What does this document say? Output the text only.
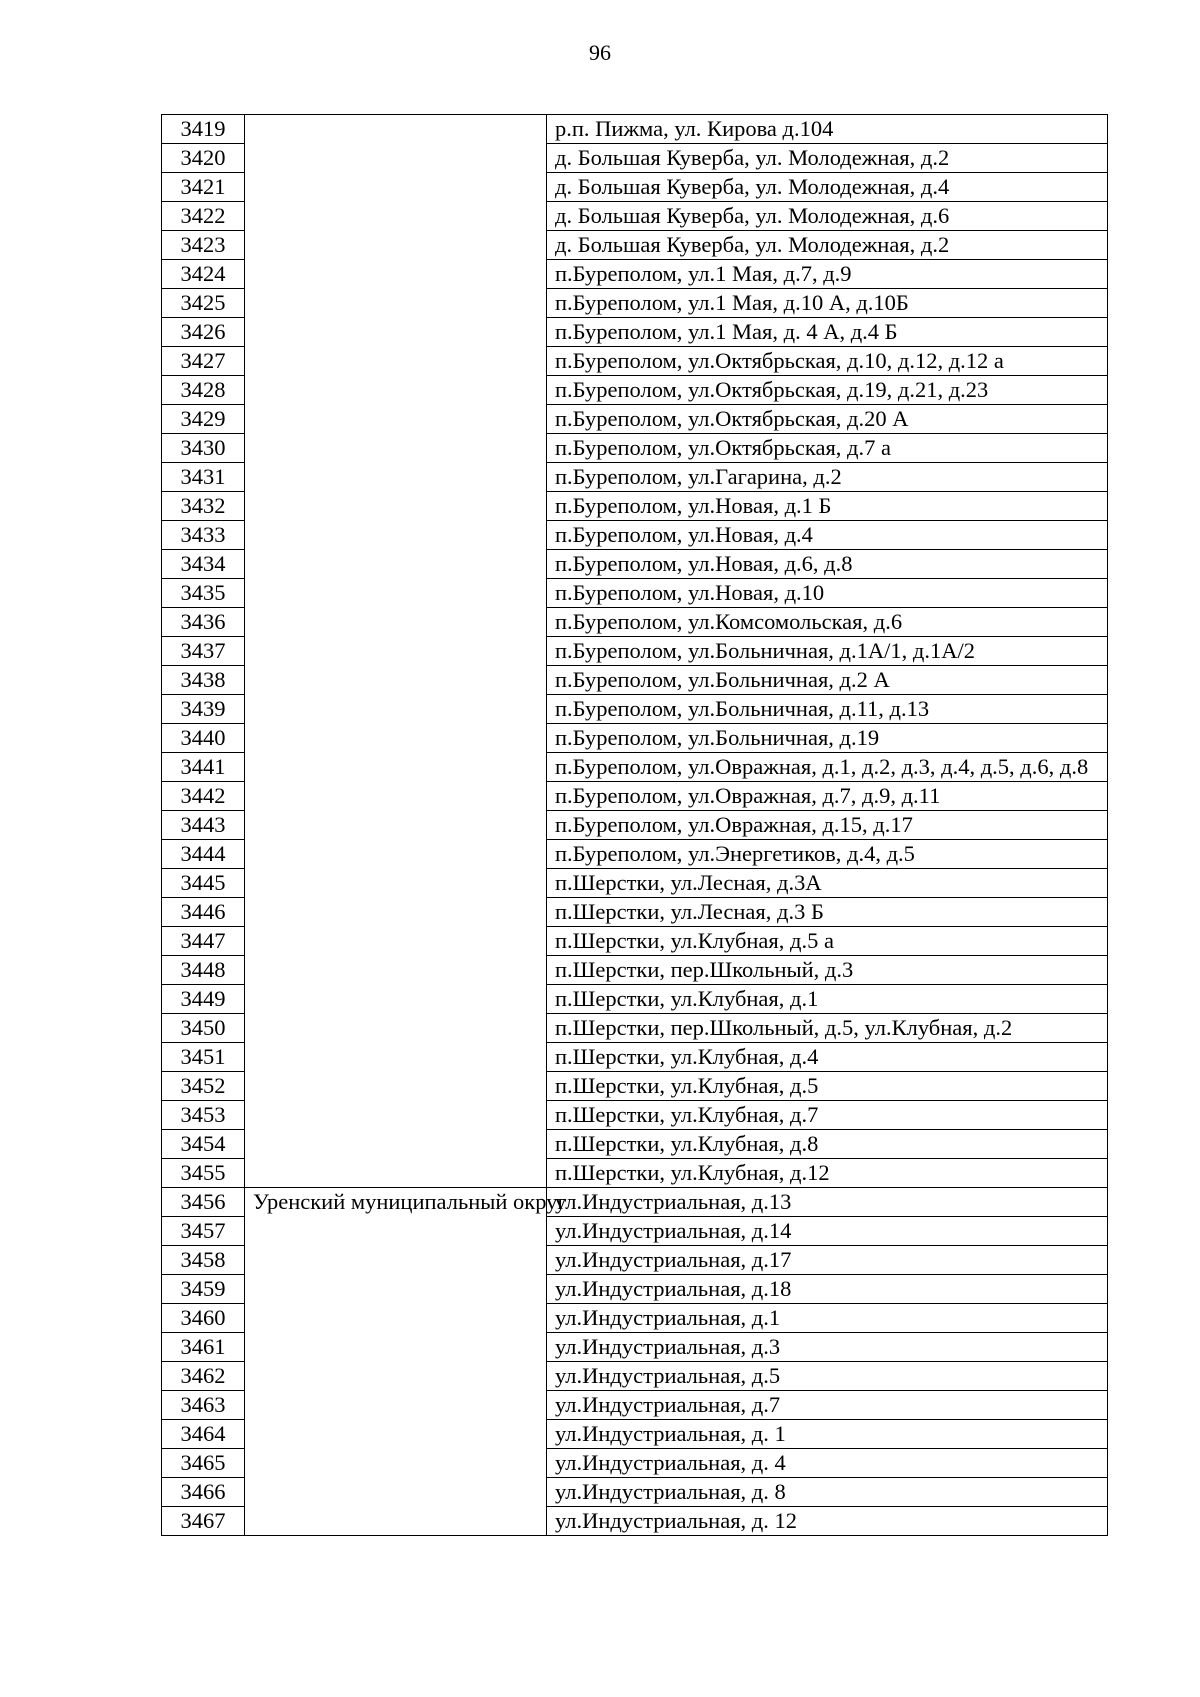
96
3419		р.п. Пижма, ул. Кирова д.104
3420		д. Большая Куверба, ул. Молодежная, д.2
3421		д. Большая Куверба, ул. Молодежная, д.4
3422		д. Большая Куверба, ул. Молодежная, д.6
3423		д. Большая Куверба, ул. Молодежная, д.2
3424		п.Буреполом, ул.1 Мая, д.7, д.9
3425		п.Буреполом, ул.1 Мая, д.10 А, д.10Б
3426		п.Буреполом, ул.1 Мая, д. 4 А, д.4 Б
3427		п.Буреполом, ул.Октябрьская, д.10, д.12, д.12 а
3428		п.Буреполом, ул.Октябрьская, д.19, д.21, д.23
3429		п.Буреполом, ул.Октябрьская, д.20 А
3430		п.Буреполом, ул.Октябрьская, д.7 а
3431		п.Буреполом, ул.Гагарина, д.2
3432		п.Буреполом, ул.Новая, д.1 Б
3433		п.Буреполом, ул.Новая, д.4
3434		п.Буреполом, ул.Новая, д.6, д.8
3435		п.Буреполом, ул.Новая, д.10
3436		п.Буреполом, ул.Комсомольская, д.6
3437		п.Буреполом, ул.Больничная, д.1А/1, д.1А/2
3438		п.Буреполом, ул.Больничная, д.2 А
3439		п.Буреполом, ул.Больничная, д.11, д.13
3440		п.Буреполом, ул.Больничная, д.19
3441		п.Буреполом, ул.Овражная, д.1, д.2, д.3, д.4, д.5, д.6, д.8
3442		п.Буреполом, ул.Овражная, д.7, д.9, д.11
3443		п.Буреполом, ул.Овражная, д.15, д.17
3444		п.Буреполом, ул.Энергетиков, д.4, д.5
3445		п.Шерстки, ул.Лесная, д.3А
3446		п.Шерстки, ул.Лесная, д.3 Б
3447		п.Шерстки, ул.Клубная, д.5 а
3448		п.Шерстки, пер.Школьный, д.3
3449		п.Шерстки, ул.Клубная, д.1
3450		п.Шерстки, пер.Школьный, д.5, ул.Клубная, д.2
3451		п.Шерстки, ул.Клубная, д.4
3452		п.Шерстки, ул.Клубная, д.5
3453		п.Шерстки, ул.Клубная, д.7
3454		п.Шерстки, ул.Клубная, д.8
3455		п.Шерстки, ул.Клубная, д.12
3456	Уренский муниципальный округ	ул.Индустриальная, д.13
3457		ул.Индустриальная, д.14
3458		ул.Индустриальная, д.17
3459		ул.Индустриальная, д.18
3460		ул.Индустриальная, д.1
3461		ул.Индустриальная, д.3
3462		ул.Индустриальная, д.5
3463		ул.Индустриальная, д.7
3464		ул.Индустриальная, д. 1
3465		ул.Индустриальная, д. 4
3466		ул.Индустриальная, д. 8
3467		ул.Индустриальная, д. 12
